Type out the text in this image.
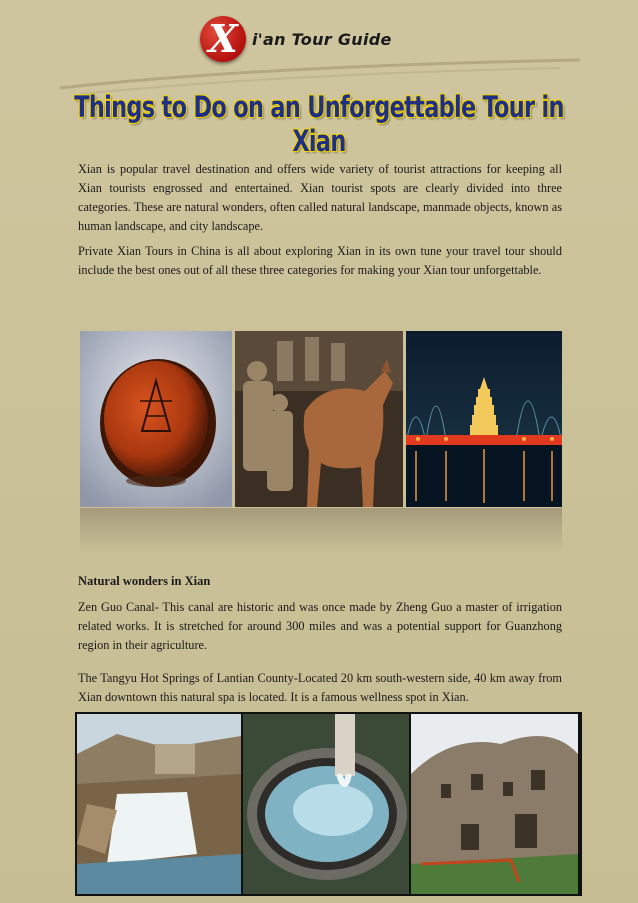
X i'an Tour Guide
Things to Do on an Unforgettable Tour in Xian

Xian is popular travel destination and offers wide variety of tourist attractions for keeping all Xian tourists engrossed and entertained. Xian tourist spots are clearly divided into three categories. These are natural wonders, often called natural landscape, manmade objects, known as human landscape, and city landscape.

Private Xian Tours in China is all about exploring Xian in its own tune your travel tour should include the best ones out of all these three categories for making your Xian tour unforgettable.

Natural wonders in Xian

Zen Guo Canal- This canal are historic and was once made by Zheng Guo a master of irrigation related works. It is stretched for around 300 miles and was a potential support for Guanzhong region in their agriculture.

The Tangyu Hot Springs of Lantian County-Located 20 km south-western side, 40 km away from Xian downtown this natural spa is located. It is a famous wellness spot in Xian.
